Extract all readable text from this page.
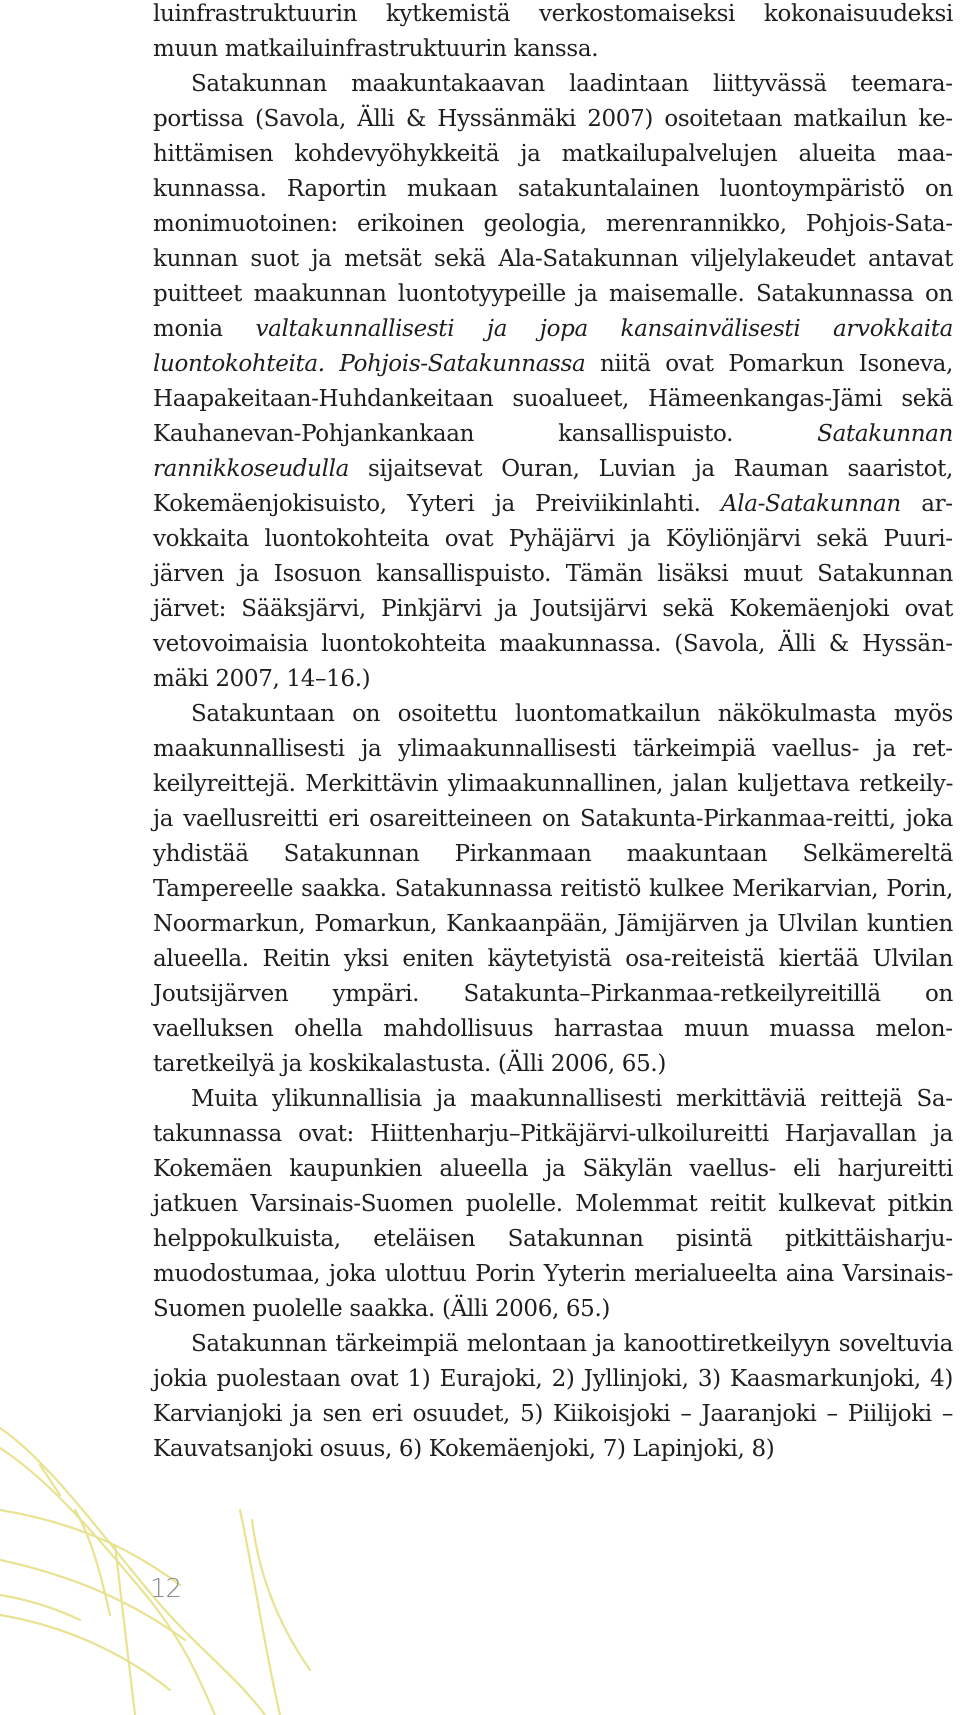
luinfrastruktuurin kytkemistä verkostomaiseksi kokonaisuudeksi muun matkailuinfrastruktuurin kanssa.

Satakunnan maakuntakaavan laadintaan liittyvässä teemaraportissa (Savola, Älli & Hyssänmäki 2007) osoitetaan matkailun kehittämisen kohdevyöhykkeitä ja matkailupalvelujen alueita maakunnassa. Raportin mukaan satakuntalainen luontoympäristö on monimuotoinen: erikoinen geologia, merenrannikko, Pohjois-Satakunnan suot ja metsät sekä Ala-Satakunnan viljelylakeudet antavat puitteet maakunnan luontotyypeille ja maisemalle. Satakunnassa on monia valtakunnallisesti ja jopa kansainvälisesti arvokkaita luontokohteita. Pohjois-Satakunnassa niitä ovat Pomarkun Isoneva, Haapakeitaan-Huhdankeitaan suoalueet, Hämeenkangas-Jämi sekä Kauhanevan-Pohjankankaan kansallispuisto. Satakunnan rannikkoseudulla sijaitsevat Ouran, Luvian ja Rauman saaristot, Kokemäenjokisuisto, Yyteri ja Preiviikinlahti. Ala-Satakunnan arvokkaita luontokohteita ovat Pyhäjärvi ja Köyliönjärvi sekä Puurijärven ja Isosuon kansallispuisto. Tämän lisäksi muut Satakunnan järvet: Sääksjärvi, Pinkjärvi ja Joutsijärvi sekä Kokemäenjoki ovat vetovoimaisia luontokohteita maakunnassa. (Savola, Älli & Hyssänmäki 2007, 14–16.)

Satakuntaan on osoitettu luontomatkailun näkökulmasta myös maakunnallisesti ja ylimaakunnallisesti tärkeimpiä vaellus- ja retkeilyreittejä. Merkittävin ylimaakunnallinen, jalan kuljettava retkeily- ja vaellusreitti eri osareitteineen on Satakunta-Pirkanmaa-reitti, joka yhdistää Satakunnan Pirkanmaan maakuntaan Selkämereltä Tampereelle saakka. Satakunnassa reitistö kulkee Merikarvian, Porin, Noormarkun, Pomarkun, Kankaanpään, Jämijärven ja Ulvilan kuntien alueella. Reitin yksi eniten käytetyistä osa-reiteistä kiertää Ulvilan Joutsijärven ympäri. Satakunta–Pirkanmaa-retkeilyreitillä on vaelluksen ohella mahdollisuus harrastaa muun muassa melontaretkeilyä ja koskikalastusta. (Älli 2006, 65.)

Muita ylikunnallisia ja maakunnallisesti merkittäviä reittejä Satakunnassa ovat: Hiittenharju–Pitkäjärvi-ulkoilureitti Harjavallan ja Kokemäen kaupunkien alueella ja Säkylän vaellus- eli harjureitti jatkuen Varsinais-Suomen puolelle. Molemmat reitit kulkevat pitkin helppokulkuista, eteläisen Satakunnan pisintä pitkittäisharjumuodostumaa, joka ulottuu Porin Yyterin merialueelta aina Varsinais-Suomen puolelle saakka. (Älli 2006, 65.)

Satakunnan tärkeimpiä melontaan ja kanoottiretkeilyyn soveltuvia jokia puolestaan ovat 1) Eurajoki, 2) Jyllinjoki, 3) Kaasmarkunjoki, 4) Karvianjoki ja sen eri osuudet, 5) Kiikoisjoki – Jaaranjoki – Piilijoki – Kauvatsanjoki osuus, 6) Kokemäenjoki, 7) Lapinjoki, 8)

12
